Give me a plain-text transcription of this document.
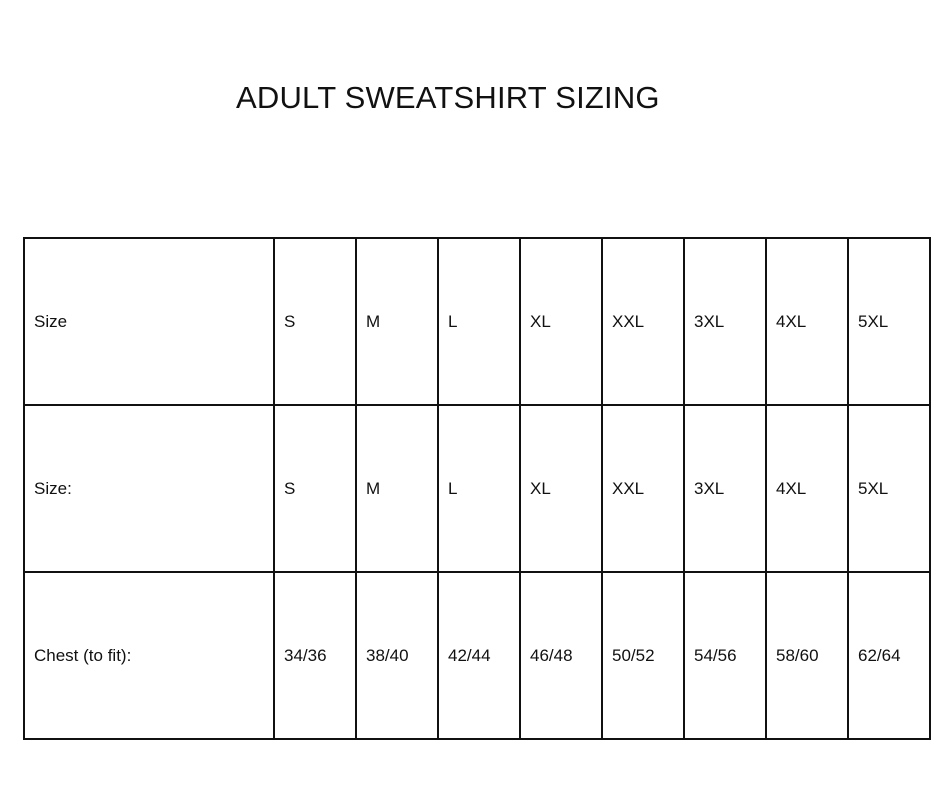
ADULT SWEATSHIRT SIZING
Size	S	M	L	XL	XXL	3XL	4XL	5XL
Size:	S	M	L	XL	XXL	3XL	4XL	5XL
Chest (to fit):	34/36	38/40	42/44	46/48	50/52	54/56	58/60	62/64
